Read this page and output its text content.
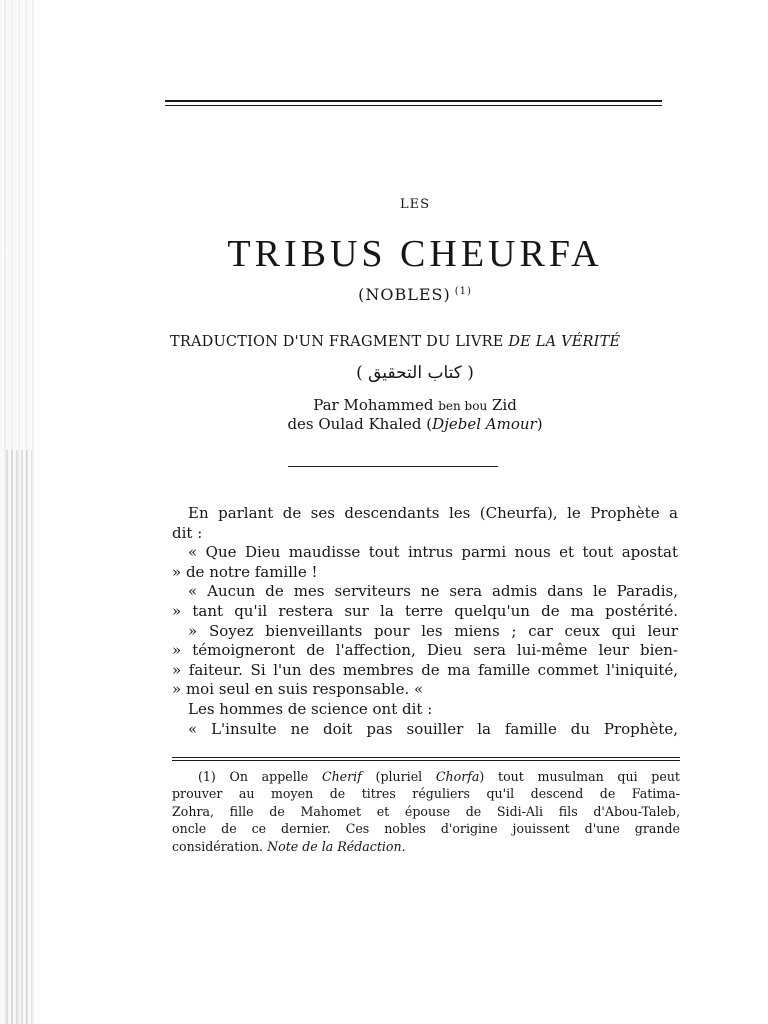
LES
TRIBUS CHEURFA
(NOBLES) $^{(1)}$
TRADUCTION D'UN FRAGMENT DU LIVRE DE LA VÉRITÉ
( كتاب التحقيق )
Par Mohammed ben bou Zid
des Oulad Khaled (Djebel Amour)

En parlant de ses descendants les (Cheurfa), le Prophète a

dit :

« Que Dieu maudisse tout intrus parmi nous et tout apostat

» de notre famille !

« Aucun de mes serviteurs ne sera admis dans le Paradis,

» tant qu'il restera sur la terre quelqu'un de ma postérité.

» Soyez bienveillants pour les miens ; car ceux qui leur

» témoigneront de l'affection, Dieu sera lui-même leur bien-

» faiteur. Si l'un des membres de ma famille commet l'iniquité,

» moi seul en suis responsable. «

Les hommes de science ont dit :

« L'insulte ne doit pas souiller la famille du Prophète,

(1) On appelle Cherif (pluriel Chorfa) tout musulman qui peut

prouver au moyen de titres réguliers qu'il descend de Fatima-

Zohra, fille de Mahomet et épouse de Sidi-Ali fils d'Abou-Taleb,

oncle de ce dernier. Ces nobles d'origine jouissent d'une grande

considération. Note de la Rédaction.
